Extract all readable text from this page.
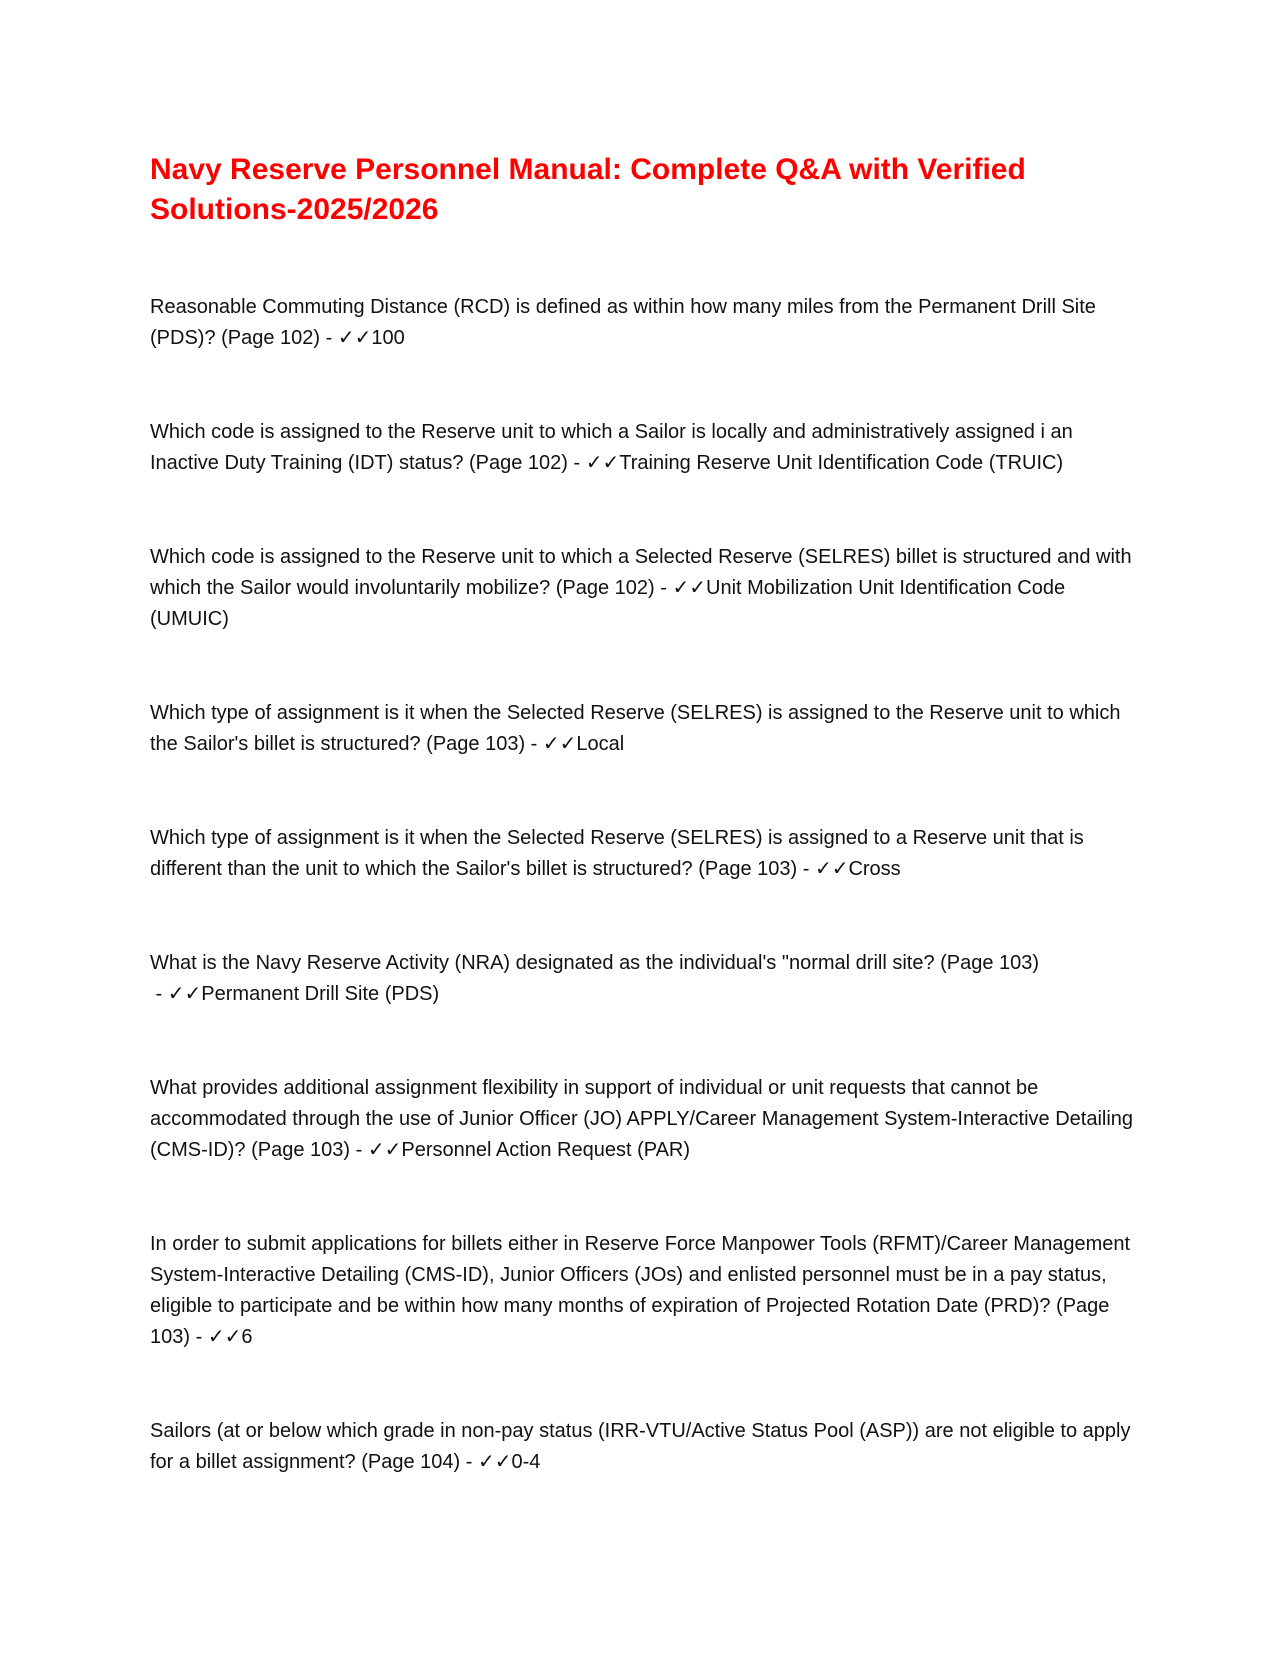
Navy Reserve Personnel Manual: Complete Q&A with Verified Solutions-2025/2026

Reasonable Commuting Distance (RCD) is defined as within how many miles from the Permanent Drill Site (PDS)? (Page 102) - ✓✓100

Which code is assigned to the Reserve unit to which a Sailor is locally and administratively assigned i an Inactive Duty Training (IDT) status? (Page 102) - ✓✓Training Reserve Unit Identification Code (TRUIC)

Which code is assigned to the Reserve unit to which a Selected Reserve (SELRES) billet is structured and with which the Sailor would involuntarily mobilize? (Page 102) - ✓✓Unit Mobilization Unit Identification Code (UMUIC)

Which type of assignment is it when the Selected Reserve (SELRES) is assigned to the Reserve unit to which the Sailor's billet is structured? (Page 103) - ✓✓Local

Which type of assignment is it when the Selected Reserve (SELRES) is assigned to a Reserve unit that is different than the unit to which the Sailor's billet is structured? (Page 103) - ✓✓Cross

What is the Navy Reserve Activity (NRA) designated as the individual's "normal drill site? (Page 103) - ✓✓Permanent Drill Site (PDS)

What provides additional assignment flexibility in support of individual or unit requests that cannot be accommodated through the use of Junior Officer (JO) APPLY/Career Management System-Interactive Detailing (CMS-ID)? (Page 103) - ✓✓Personnel Action Request (PAR)

In order to submit applications for billets either in Reserve Force Manpower Tools (RFMT)/Career Management System-Interactive Detailing (CMS-ID), Junior Officers (JOs) and enlisted personnel must be in a pay status, eligible to participate and be within how many months of expiration of Projected Rotation Date (PRD)? (Page 103) - ✓✓6

Sailors (at or below which grade in non-pay status (IRR-VTU/Active Status Pool (ASP)) are not eligible to apply for a billet assignment? (Page 104) - ✓✓0-4
